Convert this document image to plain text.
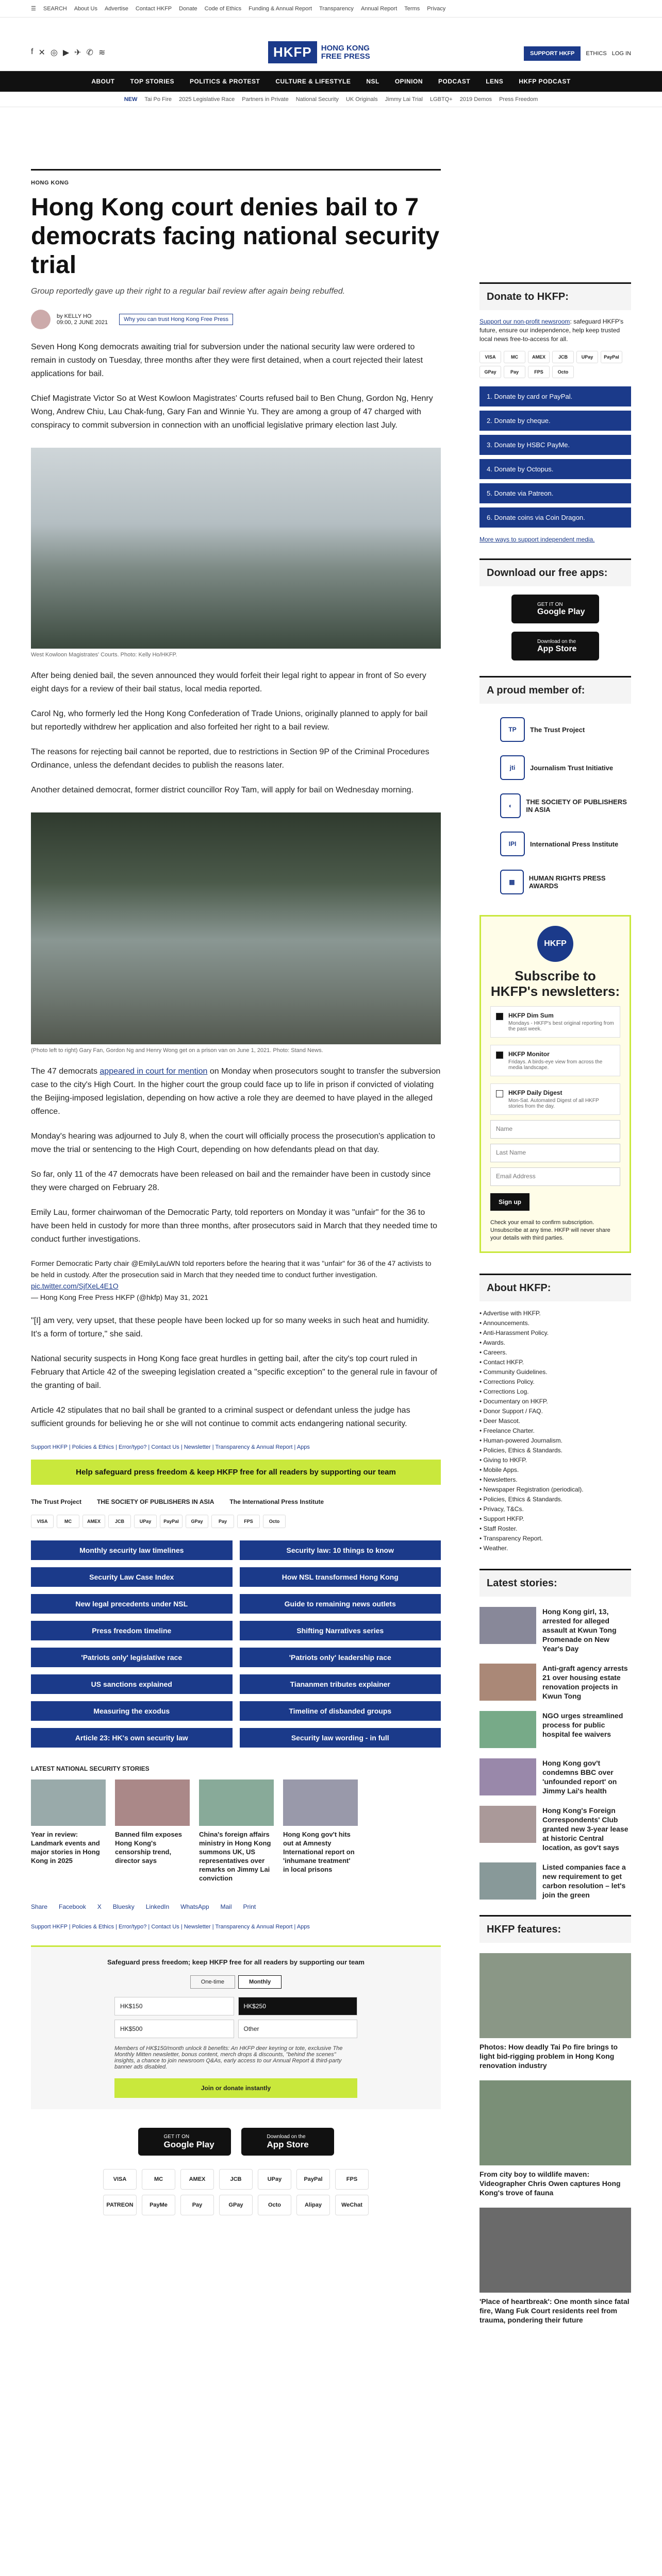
☰ SEARCH About Us Advertise Contact HKFP Donate Code of Ethics Funding & Annual Report Transparency Annual Report Terms Privacy
f ✕ ◎ ▶ ✈ ✆ ≋	HKFP	HONG KONG
FREE PRESS	SUPPORT HKFP	ETHICS LOG IN
ABOUT	TOP STORIES	POLITICS & PROTEST	CULTURE & LIFESTYLE	NSL	OPINION	PODCAST	LENS	HKFP PODCAST
NEW Tai Po Fire 2025 Legislative Race Partners in Private National Security UK Originals Jimmy Lai Trial LGBTQ+ 2019 Demos Press Freedom
HONG KONG
Hong Kong court denies bail to 7 democrats facing national security trial
Group reportedly gave up their right to a regular bail review after again being rebuffed.
by KELLY HO
09:00, 2 JUNE 2021	Why you can trust Hong Kong Free Press

Seven Hong Kong democrats awaiting trial for subversion under the national security law were ordered to remain in custody on Tuesday, three months after they were first detained, when a court rejected their latest applications for bail.

Chief Magistrate Victor So at West Kowloon Magistrates' Courts refused bail to Ben Chung, Gordon Ng, Henry Wong, Andrew Chiu, Lau Chak-fung, Gary Fan and Winnie Yu. They are among a group of 47 charged with conspiracy to commit subversion in connection with an unofficial legislative primary election last July.

West Kowloon Magistrates' Courts. Photo: Kelly Ho/HKFP.

After being denied bail, the seven announced they would forfeit their legal right to appear in front of So every eight days for a review of their bail status, local media reported.

Carol Ng, who formerly led the Hong Kong Confederation of Trade Unions, originally planned to apply for bail but reportedly withdrew her application and also forfeited her right to a bail review.

The reasons for rejecting bail cannot be reported, due to restrictions in Section 9P of the Criminal Procedures Ordinance, unless the defendant decides to publish the reasons later.

Another detained democrat, former district councillor Roy Tam, will apply for bail on Wednesday morning.

(Photo left to right) Gary Fan, Gordon Ng and Henry Wong get on a prison van on June 1, 2021. Photo: Stand News.

The 47 democrats appeared in court for mention on Monday when prosecutors sought to transfer the subversion case to the city's High Court. In the higher court the group could face up to life in prison if convicted of violating the Beijing-imposed legislation, depending on how active a role they are deemed to have played in the alleged offence.

Monday's hearing was adjourned to July 8, when the court will officially process the prosecution's application to move the trial or sentencing to the High Court, depending on how defendants plead on that day.

So far, only 11 of the 47 democrats have been released on bail and the remainder have been in custody since they were charged on February 28.

Emily Lau, former chairwoman of the Democratic Party, told reporters on Monday it was "unfair" for the 36 to have been held in custody for more than three months, after prosecutors said in March that they needed time to conduct further investigations.

Former Democratic Party chair @EmilyLauWN told reporters before the hearing that it was "unfair" for 36 of the 47 activists to be held in custody. After the prosecution said in March that they needed time to conduct further investigation.
pic.twitter.com/SjfXeL4E1O
— Hong Kong Free Press HKFP (@hkfp) May 31, 2021

"[I] am very, very upset, that these people have been locked up for so many weeks in such heat and humidity. It's a form of torture," she said.

National security suspects in Hong Kong face great hurdles in getting bail, after the city's top court ruled in February that Article 42 of the sweeping legislation created a "specific exception" to the general rule in favour of the granting of bail.

Article 42 stipulates that no bail shall be granted to a criminal suspect or defendant unless the judge has sufficient grounds for believing he or she will not continue to commit acts endangering national security.

Support HKFP | Policies & Ethics | Error/typo? | Contact Us | Newsletter | Transparency & Annual Report | Apps
Help safeguard press freedom & keep HKFP free for all readers by supporting our team
The Trust Project	THE SOCIETY OF PUBLISHERS IN ASIA	The International Press Institute
VISA	MC	AMEX	JCB	UPay	PayPal	GPay	Pay	FPS	Octo
Monthly security law timelines	Security law: 10 things to know
Security Law Case Index	How NSL transformed Hong Kong
New legal precedents under NSL	Guide to remaining news outlets
Press freedom timeline	Shifting Narratives series
'Patriots only' legislative race	'Patriots only' leadership race
US sanctions explained	Tiananmen tributes explainer
Measuring the exodus	Timeline of disbanded groups
Article 23: HK's own security law	Security law wording - in full
LATEST NATIONAL SECURITY STORIES
Year in review: Landmark events and major stories in Hong Kong in 2025
Banned film exposes Hong Kong's censorship trend, director says
China's foreign affairs ministry in Hong Kong summons UK, US representatives over remarks on Jimmy Lai conviction
Hong Kong gov't hits out at Amnesty International report on 'inhumane treatment' in local prisons
Share Facebook X Bluesky LinkedIn WhatsApp Mail Print
Support HKFP | Policies & Ethics | Error/typo? | Contact Us | Newsletter | Transparency & Annual Report | Apps
Safeguard press freedom; keep HKFP free for all readers by supporting our team
One-time	Monthly
HK$150	HK$250
HK$500	Other
Members of HK$150/month unlock 8 benefits: An HKFP deer keyring or tote, exclusive The Monthly Mitten newsletter, bonus content, merch drops & discounts, "behind the scenes" insights, a chance to join newsroom Q&As, early access to our Annual Report & third-party banner ads disabled.
Join or donate instantly
GET IT ON
Google Play
Download on the
App Store
VISA	MC	AMEX	JCB	UPay	PayPal	FPS
PATREON	PayMe	Pay	GPay	Octo	Alipay	WeChat
Donate to HKFP:
Support our non-profit newsroom: safeguard HKFP's future, ensure our independence, help keep trusted local news free-to-access for all.
VISA	MC	AMEX	JCB	UPay	PayPal
GPay	Pay	FPS	Octo
1. Donate by card or PayPal.
2. Donate by cheque.
3. Donate by HSBC PayMe.
4. Donate by Octopus.
5. Donate via Patreon.
6. Donate coins via Coin Dragon.
More ways to support independent media.
Download our free apps:
GET IT ON
Google Play
Download on the
App Store
A proud member of:
TP	The Trust Project
jti	Journalism Trust Initiative
◐	THE SOCIETY OF PUBLISHERS IN ASIA
IPI	International Press Institute
▦	HUMAN RIGHTS PRESS AWARDS
HKFP
Subscribe to HKFP's newsletters:
HKFP Dim Sum
Mondays - HKFP's best original reporting from the past week.
HKFP Monitor
Fridays. A birds-eye view from across the media landscape.
HKFP Daily Digest
Mon-Sat. Automated Digest of all HKFP stories from the day.
Name
Last Name
Email Address
Sign up
Check your email to confirm subscription. Unsubscribe at any time. HKFP will never share your details with third parties.
About HKFP:
• Advertise with HKFP.
• Announcements.
• Anti-Harassment Policy.
• Awards.
• Careers.
• Contact HKFP.
• Community Guidelines.
• Corrections Policy.
• Corrections Log.
• Documentary on HKFP.
• Donor Support / FAQ.
• Deer Mascot.
• Freelance Charter.
• Human-powered Journalism.
• Policies, Ethics & Standards.
• Giving to HKFP.
• Mobile Apps.
• Newsletters.
• Newspaper Registration (periodical).
• Policies, Ethics & Standards.
• Privacy, T&Cs.
• Support HKFP.
• Staff Roster.
• Transparency Report.
• Weather.
Latest stories:
Hong Kong girl, 13, arrested for alleged assault at Kwun Tong Promenade on New Year's Day
Anti-graft agency arrests 21 over housing estate renovation projects in Kwun Tong
NGO urges streamlined process for public hospital fee waivers
Hong Kong gov't condemns BBC over 'unfounded report' on Jimmy Lai's health
Hong Kong's Foreign Correspondents' Club granted new 3-year lease at historic Central location, as gov't says
Listed companies face a new requirement to get carbon resolution – let's join the green
HKFP features:
Photos: How deadly Tai Po fire brings to light bid-rigging problem in Hong Kong renovation industry
From city boy to wildlife maven: Videographer Chris Owen captures Hong Kong's trove of fauna
'Place of heartbreak': One month since fatal fire, Wang Fuk Court residents reel from trauma, pondering their future
